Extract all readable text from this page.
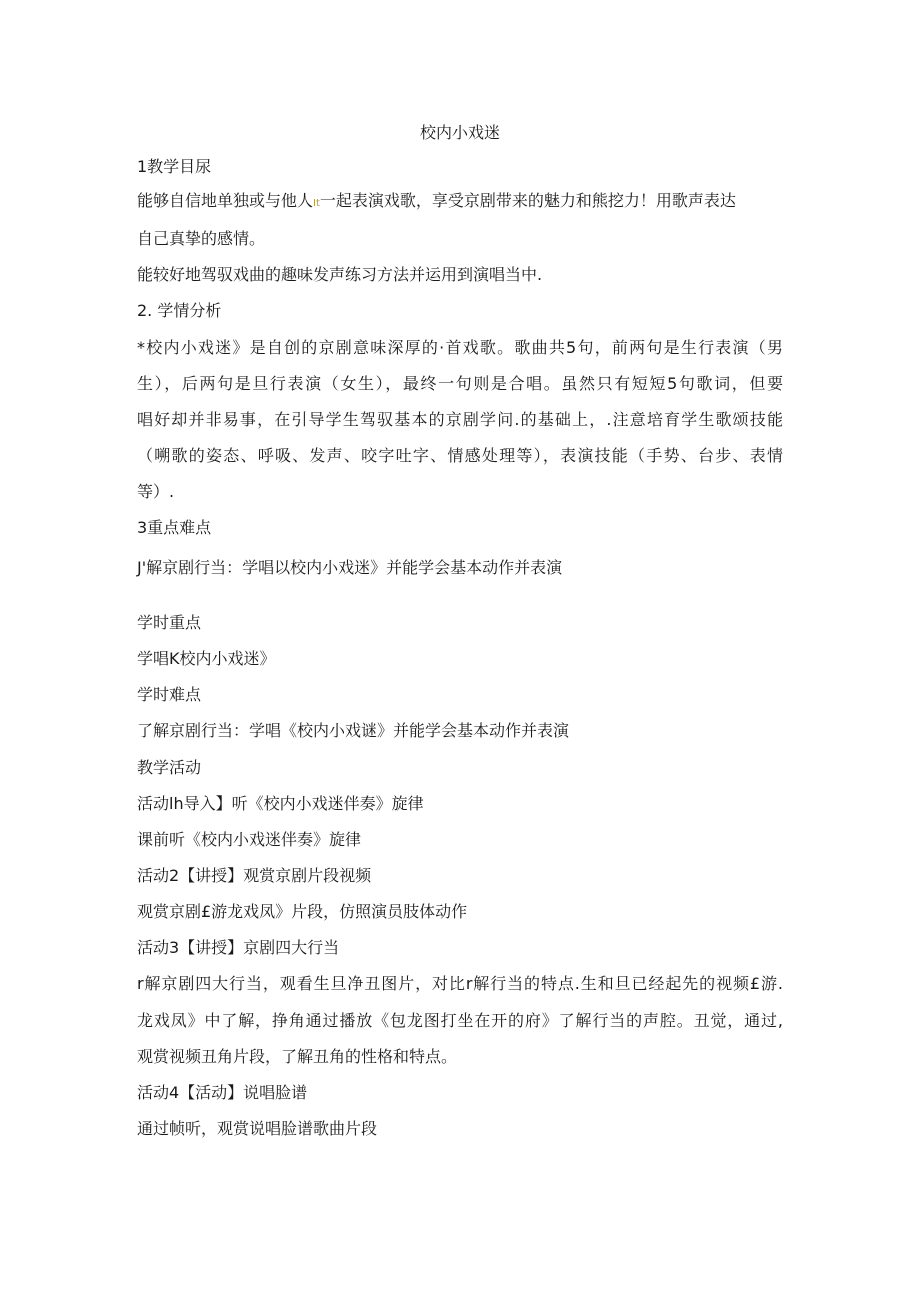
校内小戏迷
1教学目尿
能够自信地单独或与他人It一起表演戏歌，享受京剧带来的魅力和熊挖力！用歌声表达
自己真挚的感情。
能较好地驾驭戏曲的趣味发声练习方法并运用到演唱当中.
2. 学情分析
*校内小戏迷》是自创的京剧意味深厚的·首戏歌。歌曲共5句，前两句是生行表演（男
生），后两句是旦行表演（女生），最终一句则是合唱。虽然只有短短5句歌词，但要
唱好却并非易事，在引导学生驾驭基本的京剧学问.的基础上，.注意培育学生歌颂技能
（嗍歌的姿态、呼吸、发声、咬字吐字、情感处理等），表演技能（手势、台步、表情
等）.
3重点难点
J'解京剧行当：学唱以校内小戏迷》并能学会基本动作并表演
学时重点
学唱K校内小戏迷》
学时难点
了解京剧行当：学唱《校内小戏谜》并能学会基本动作并表演
教学活动
活动lh导入】听《校内小戏迷伴奏》旋律
课前听《校内小戏迷伴奏》旋律
活动2【讲授】观赏京剧片段视频
观赏京剧£游龙戏凤》片段，仿照演员肢体动作
活动3【讲授】京剧四大行当
r解京剧四大行当，观看生旦净丑图片，对比r解行当的特点.生和旦已经起先的视频£游.
龙戏凤》中了解，挣角通过播放《包龙图打坐在开的府》了解行当的声腔。丑觉，通过,
观赏视频丑角片段，了解丑角的性格和特点。
活动4【活动】说唱脸谱
通过帧听，观赏说唱脸谱歌曲片段
